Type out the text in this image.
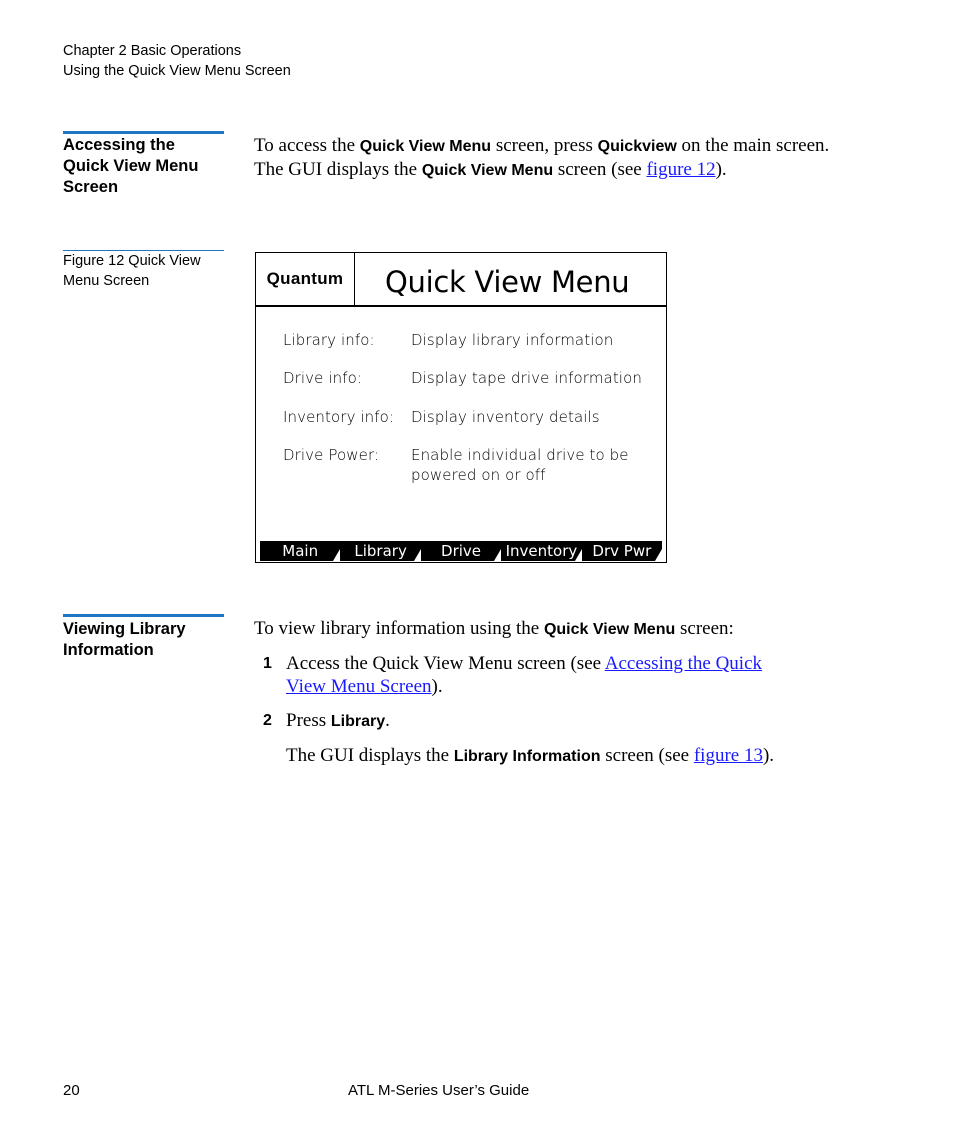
Chapter 2 Basic Operations
Using the Quick View Menu Screen
Accessing the
Quick View Menu
Screen
To access the Quick View Menu screen, press Quickview on the main screen. The GUI displays the Quick View Menu screen (see figure 12).
Figure 12 Quick View
Menu Screen	Quantum	Quick View Menu
Library info: Display library information
Drive info:	Display tape drive information
Inventory info: Display inventory details
Drive Power: Enable individual drive to be
powered on or off
Main	Library	Drive	Inventory	Drv Pwr
Viewing Library
Information
To view library information using the Quick View Menu screen:
1 Access the Quick View Menu screen (see Accessing the Quick
View Menu Screen).
2 Press Library.
The GUI displays the Library Information screen (see figure 13).
20	ATL M-Series User’s Guide
